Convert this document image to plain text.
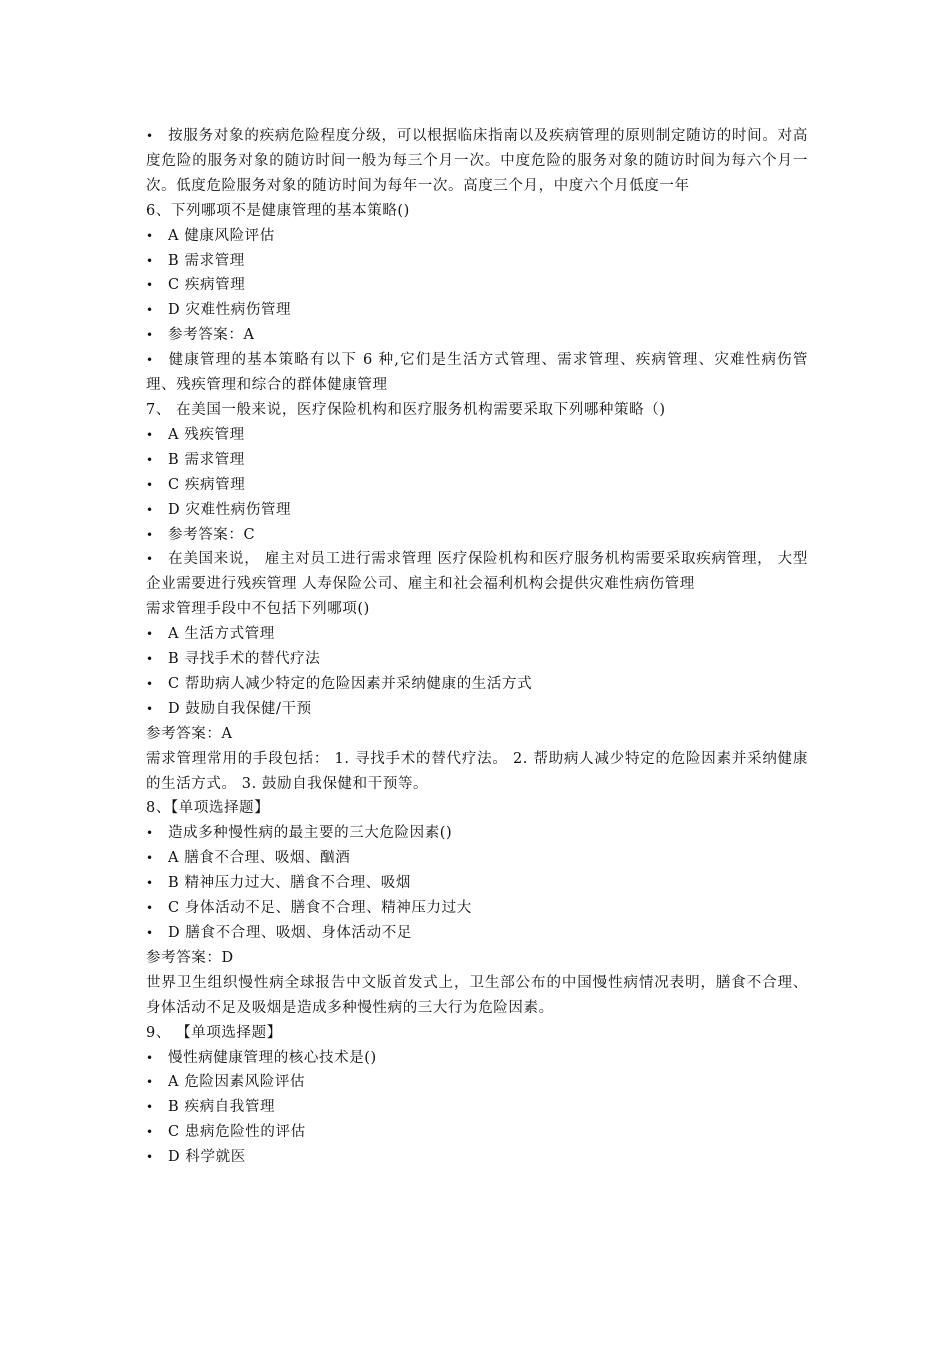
• 按服务对象的疾病危险程度分级，可以根据临床指南以及疾病管理的原则制定随访的时间。对高度危险的服务对象的随访时间一般为每三个月一次。中度危险的服务对象的随访时间为每六个月一 次。低度危险服务对象的随访时间为每年一次。高度三个月，中度六个月低度一年
6、下列哪项不是健康管理的基本策略()
• A 健康风险评估
• B 需求管理
• C 疾病管理
• D 灾难性病伤管理
• 参考答案：A
• 健康管理的基本策略有以下 6 种,它们是生活方式管理、需求管理、疾病管理、灾难性病伤管理、残疾管理和综合的群体健康管理
7、 在美国一般来说，医疗保险机构和医疗服务机构需要采取下列哪种策略（)
• A 残疾管理
• B 需求管理
• C 疾病管理
• D 灾难性病伤管理
• 参考答案：C
• 在美国来说， 雇主对员工进行需求管理 医疗保险机构和医疗服务机构需要采取疾病管理， 大型企业需要进行残疾管理 人寿保险公司、雇主和社会福利机构会提供灾难性病伤管理
需求管理手段中不包括下列哪项()
• A 生活方式管理
• B 寻找手术的替代疗法
• C 帮助病人减少特定的危险因素并采纳健康的生活方式
• D 鼓励自我保健/干预
参考答案：A
需求管理常用的手段包括： 1. 寻找手术的替代疗法。 2. 帮助病人减少特定的危险因素并采纳健康的生活方式。 3. 鼓励自我保健和干预等。
8、【单项选择题】
• 造成多种慢性病的最主要的三大危险因素()
• A 膳食不合理、吸烟、酗酒
• B 精神压力过大、膳食不合理、吸烟
• C 身体活动不足、膳食不合理、精神压力过大
• D 膳食不合理、吸烟、身体活动不足
参考答案：D
世界卫生组织慢性病全球报告中文版首发式上，卫生部公布的中国慢性病情况表明，膳食不合理、身体活动不足及吸烟是造成多种慢性病的三大行为危险因素。
9、 【单项选择题】
• 慢性病健康管理的核心技术是()
• A 危险因素风险评估
• B 疾病自我管理
• C 患病危险性的评估
• D 科学就医
